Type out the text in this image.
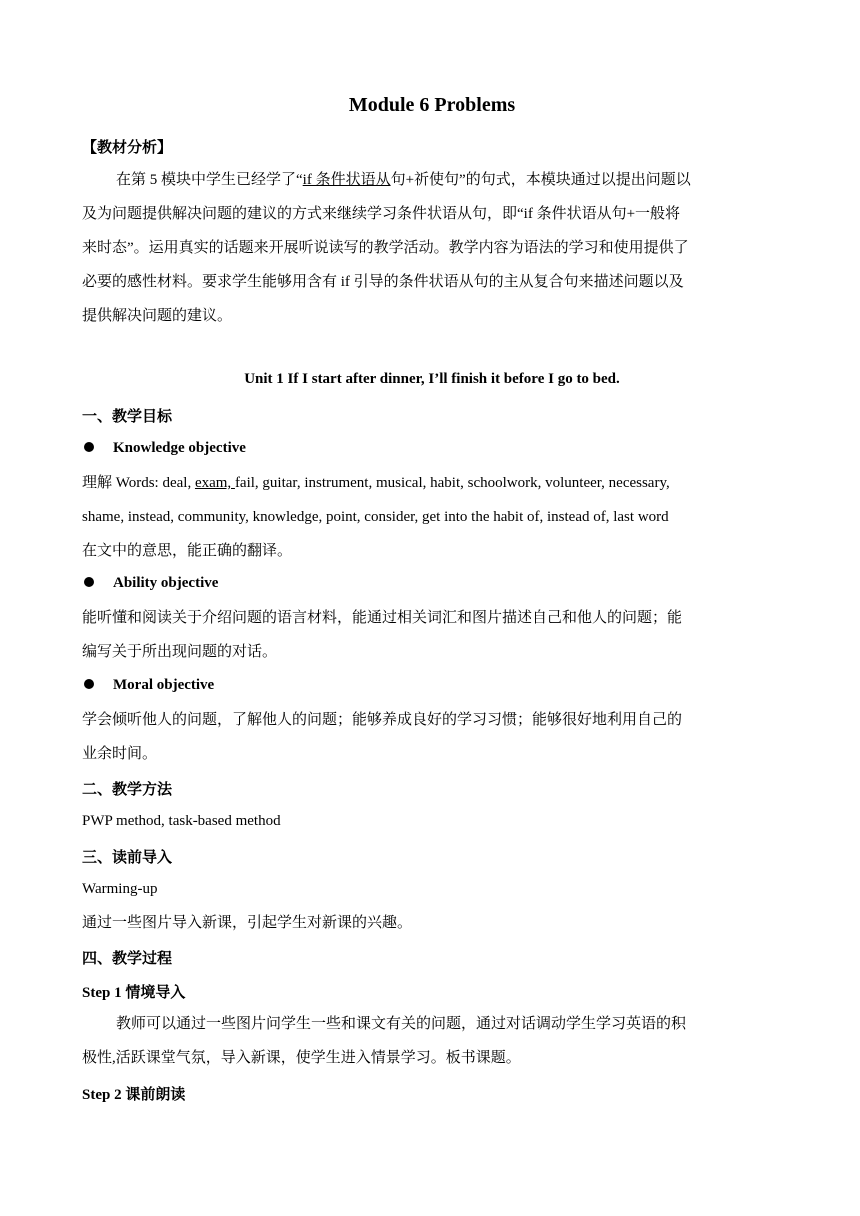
Module 6 Problems
【教材分析】
在第 5 模块中学生已经学了“if 条件状语从句+祈使句”的句式，本模块通过以提出问题以
及为问题提供解决问题的建议的方式来继续学习条件状语从句，即“if 条件状语从句+一般将
来时态”。运用真实的话题来开展听说读写的教学活动。教学内容为语法的学习和使用提供了
必要的感性材料。要求学生能够用含有 if 引导的条件状语从句的主从复合句来描述问题以及
提供解决问题的建议。
Unit 1 If I start after dinner, I’ll finish it before I go to bed.
一、教学目标
Knowledge objective
理解 Words: deal, exam, fail, guitar, instrument, musical, habit, schoolwork, volunteer, necessary,
shame, instead, community, knowledge, point, consider, get into the habit of, instead of, last word
在文中的意思，能正确的翻译。
Ability objective
能听懂和阅读关于介绍问题的语言材料，能通过相关词汇和图片描述自己和他人的问题；能
编写关于所出现问题的对话。
Moral objective
学会倾听他人的问题，了解他人的问题；能够养成良好的学习习惯；能够很好地利用自己的
业余时间。
二、教学方法
PWP method, task-based method
三、读前导入
Warming-up
通过一些图片导入新课，引起学生对新课的兴趣。
四、教学过程
Step 1 情境导入
教师可以通过一些图片问学生一些和课文有关的问题，通过对话调动学生学习英语的积
极性,活跃课堂气氛，导入新课，使学生进入情景学习。板书课题。
Step 2 课前朗读
